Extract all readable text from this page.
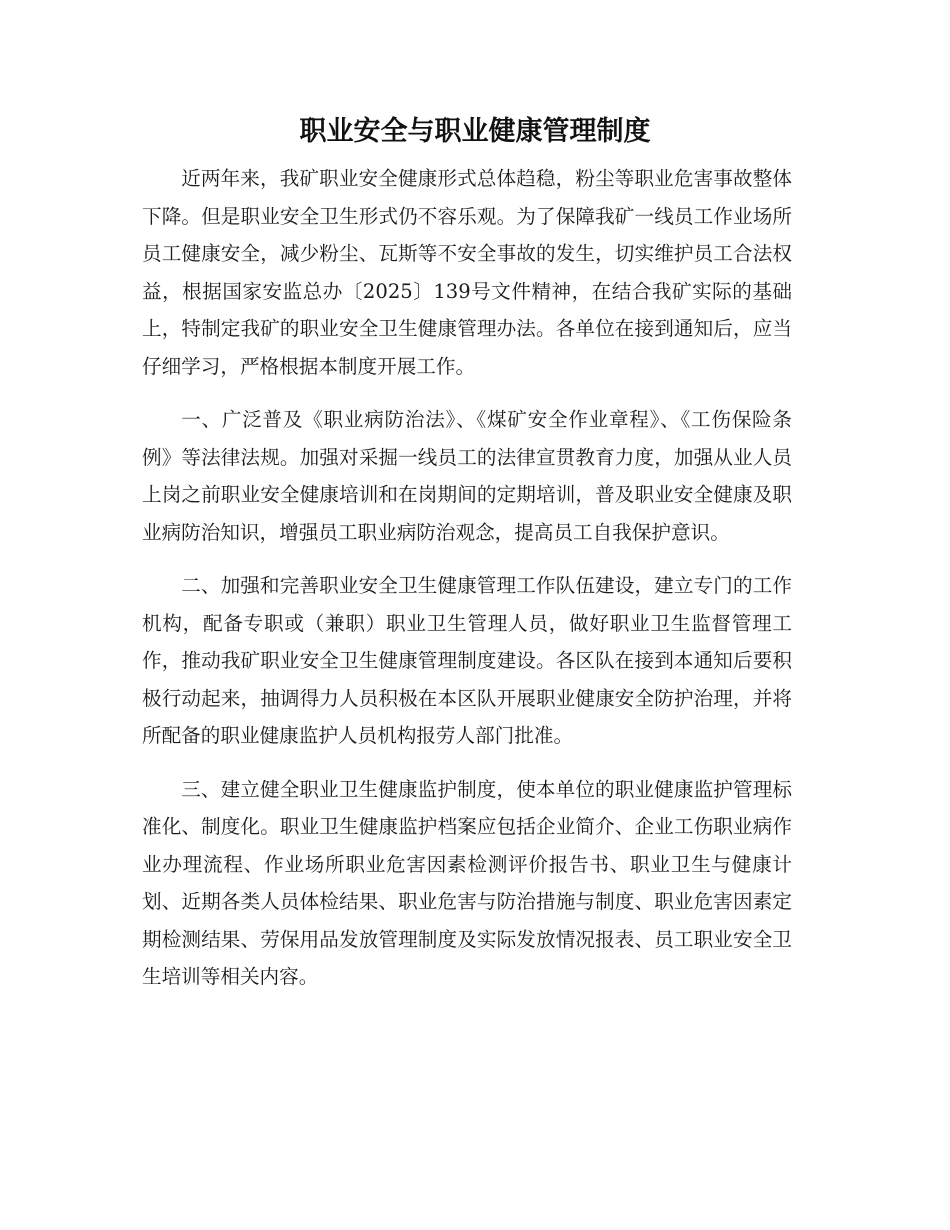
职业安全与职业健康管理制度

近两年来，我矿职业安全健康形式总体趋稳，粉尘等职业危害事故整体下降。但是职业安全卫生形式仍不容乐观。为了保障我矿一线员工作业场所员工健康安全，减少粉尘、瓦斯等不安全事故的发生，切实维护员工合法权益，根据国家安监总办〔2025〕139号文件精神，在结合我矿实际的基础上，特制定我矿的职业安全卫生健康管理办法。各单位在接到通知后，应当仔细学习，严格根据本制度开展工作。

一、广泛普及《职业病防治法》、《煤矿安全作业章程》、《工伤保险条例》等法律法规。加强对采掘一线员工的法律宣贯教育力度，加强从业人员上岗之前职业安全健康培训和在岗期间的定期培训，普及职业安全健康及职业病防治知识，增强员工职业病防治观念，提高员工自我保护意识。

二、加强和完善职业安全卫生健康管理工作队伍建设，建立专门的工作机构，配备专职或（兼职）职业卫生管理人员，做好职业卫生监督管理工作，推动我矿职业安全卫生健康管理制度建设。各区队在接到本通知后要积极行动起来，抽调得力人员积极在本区队开展职业健康安全防护治理，并将所配备的职业健康监护人员机构报劳人部门批准。

三、建立健全职业卫生健康监护制度，使本单位的职业健康监护管理标准化、制度化。职业卫生健康监护档案应包括企业简介、企业工伤职业病作业办理流程、作业场所职业危害因素检测评价报告书、职业卫生与健康计划、近期各类人员体检结果、职业危害与防治措施与制度、职业危害因素定期检测结果、劳保用品发放管理制度及实际发放情况报表、员工职业安全卫生培训等相关内容。
